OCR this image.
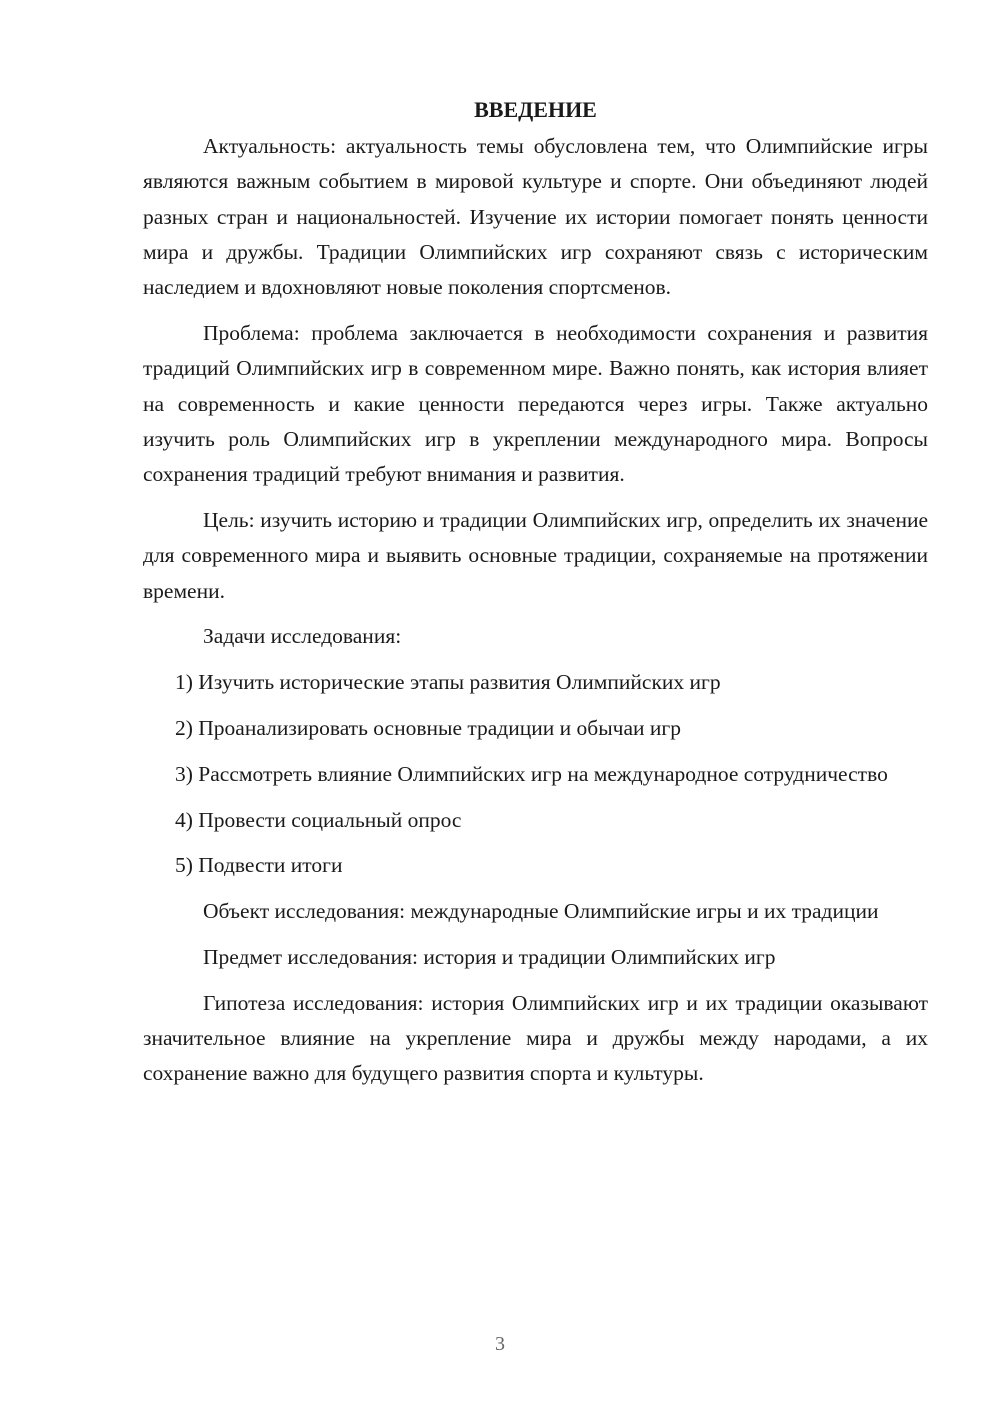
ВВЕДЕНИЕ

Актуальность: актуальность темы обусловлена тем, что Олимпийские игры являются важным событием в мировой культуре и спорте. Они объединяют людей разных стран и национальностей. Изучение их истории помогает понять ценности мира и дружбы. Традиции Олимпийских игр сохраняют связь с историческим наследием и вдохновляют новые поколения спортсменов.

Проблема: проблема заключается в необходимости сохранения и развития традиций Олимпийских игр в современном мире. Важно понять, как история влияет на современность и какие ценности передаются через игры. Также актуально изучить роль Олимпийских игр в укреплении международного мира. Вопросы сохранения традиций требуют внимания и развития.

Цель: изучить историю и традиции Олимпийских игр, определить их значение для современного мира и выявить основные традиции, сохраняемые на протяжении времени.

Задачи исследования:

1) Изучить исторические этапы развития Олимпийских игр

2) Проанализировать основные традиции и обычаи игр

3) Рассмотреть влияние Олимпийских игр на международное сотрудничество

4) Провести социальный опрос

5) Подвести итоги

Объект исследования: международные Олимпийские игры и их традиции

Предмет исследования: история и традиции Олимпийских игр

Гипотеза исследования: история Олимпийских игр и их традиции оказывают значительное влияние на укрепление мира и дружбы между народами, а их сохранение важно для будущего развития спорта и культуры.

3
